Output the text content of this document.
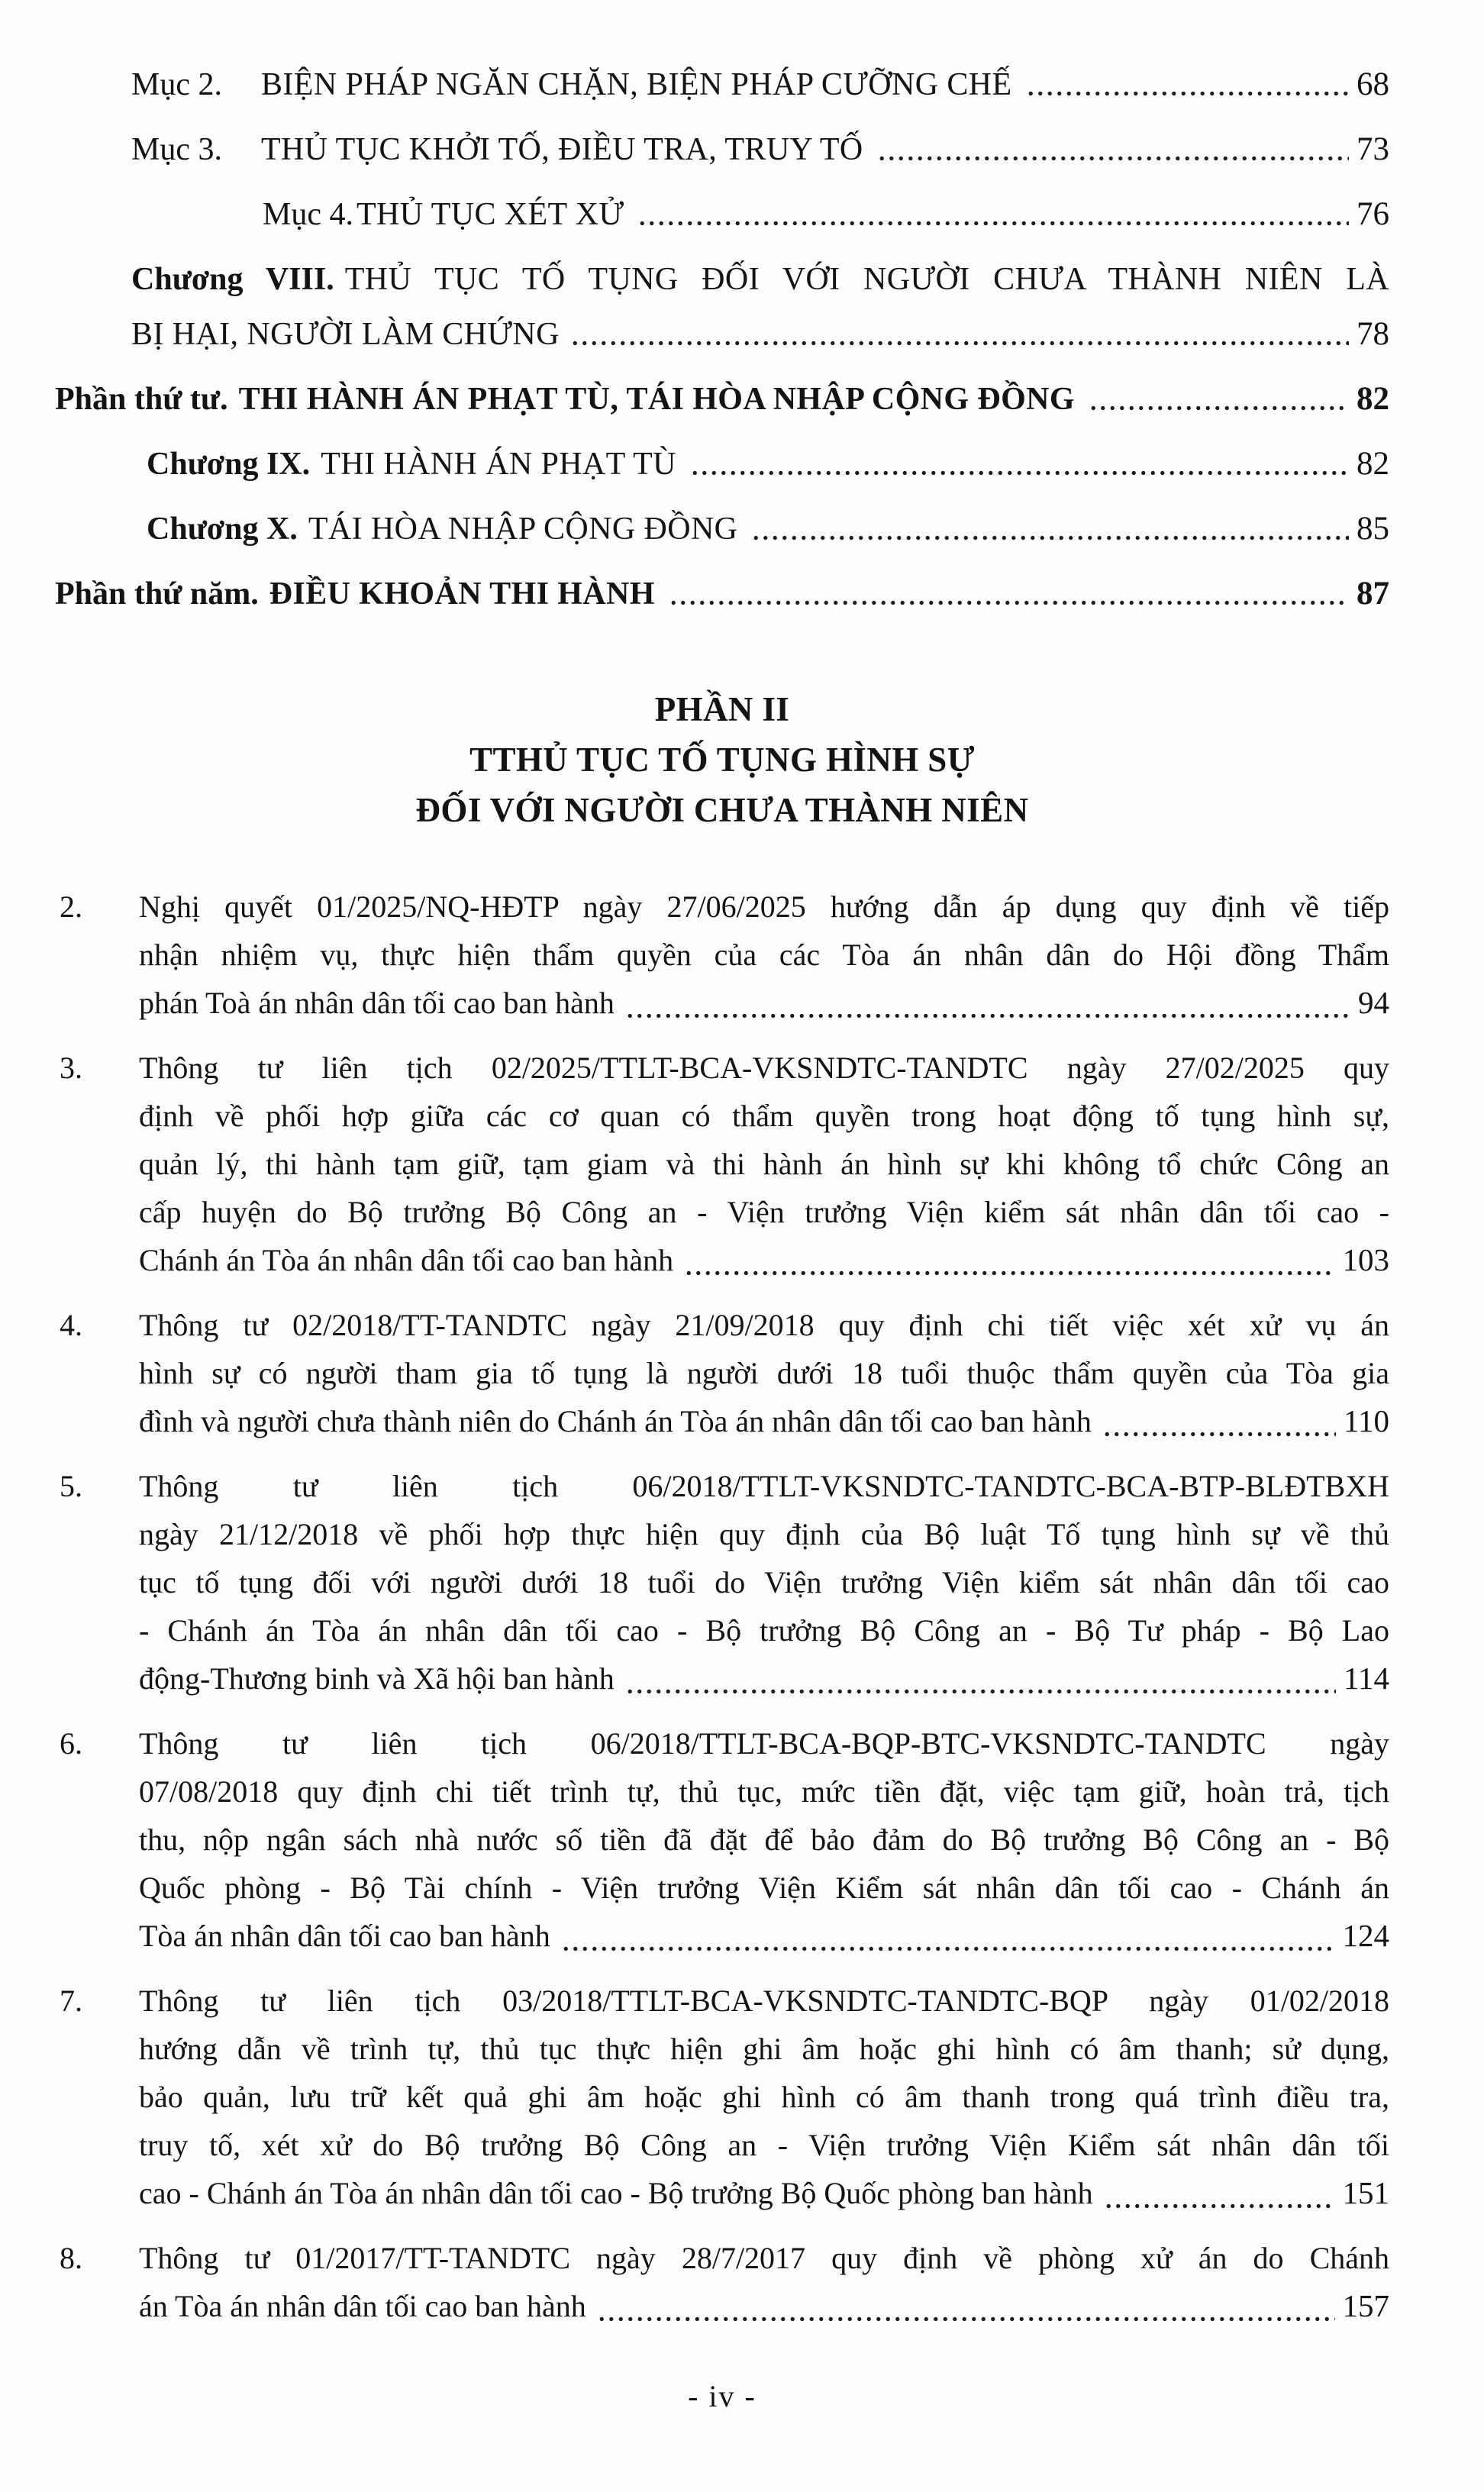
Mục 2.	BIỆN PHÁP NGĂN CHẶN, BIỆN PHÁP CƯỠNG CHẾ	68
Mục 3.	THỦ TỤC KHỞI TỐ, ĐIỀU TRA, TRUY TỐ	73
Mục 4. THỦ TỤC XÉT XỬ	76
Chương VIII. THỦ TỤC TỐ TỤNG ĐỐI VỚI NGƯỜI CHƯA THÀNH NIÊN LÀ
BỊ HẠI, NGƯỜI LÀM CHỨNG	78
Phần thứ tư. THI HÀNH ÁN PHẠT TÙ, TÁI HÒA NHẬP CỘNG ĐỒNG	82
Chương IX. THI HÀNH ÁN PHẠT TÙ	82
Chương X. TÁI HÒA NHẬP CỘNG ĐỒNG	85
Phần thứ năm. ĐIỀU KHOẢN THI HÀNH	87
PHẦN II
TTHỦ TỤC TỐ TỤNG HÌNH SỰ
ĐỐI VỚI NGƯỜI CHƯA THÀNH NIÊN
2.	Nghị quyết 01/2025/NQ-HĐTP ngày 27/06/2025 hướng dẫn áp dụng quy định về tiếp
nhận nhiệm vụ, thực hiện thẩm quyền của các Tòa án nhân dân do Hội đồng Thẩm
phán Toà án nhân dân tối cao ban hành	94
3.	Thông tư liên tịch 02/2025/TTLT-BCA-VKSNDTC-TANDTC ngày 27/02/2025 quy
định về phối hợp giữa các cơ quan có thẩm quyền trong hoạt động tố tụng hình sự,
quản lý, thi hành tạm giữ, tạm giam và thi hành án hình sự khi không tổ chức Công an
cấp huyện do Bộ trưởng Bộ Công an - Viện trưởng Viện kiểm sát nhân dân tối cao -
Chánh án Tòa án nhân dân tối cao ban hành	103
4.	Thông tư 02/2018/TT-TANDTC ngày 21/09/2018 quy định chi tiết việc xét xử vụ án
hình sự có người tham gia tố tụng là người dưới 18 tuổi thuộc thẩm quyền của Tòa gia
đình và người chưa thành niên do Chánh án Tòa án nhân dân tối cao ban hành	110
5.	Thông tư liên tịch 06/2018/TTLT-VKSNDTC-TANDTC-BCA-BTP-BLĐTBXH
ngày 21/12/2018 về phối hợp thực hiện quy định của Bộ luật Tố tụng hình sự về thủ
tục tố tụng đối với người dưới 18 tuổi do Viện trưởng Viện kiểm sát nhân dân tối cao
- Chánh án Tòa án nhân dân tối cao - Bộ trưởng Bộ Công an - Bộ Tư pháp - Bộ Lao
động-Thương binh và Xã hội ban hành	114
6.	Thông tư liên tịch 06/2018/TTLT-BCA-BQP-BTC-VKSNDTC-TANDTC ngày
07/08/2018 quy định chi tiết trình tự, thủ tục, mức tiền đặt, việc tạm giữ, hoàn trả, tịch
thu, nộp ngân sách nhà nước số tiền đã đặt để bảo đảm do Bộ trưởng Bộ Công an - Bộ
Quốc phòng - Bộ Tài chính - Viện trưởng Viện Kiểm sát nhân dân tối cao - Chánh án
Tòa án nhân dân tối cao ban hành	124
7.	Thông tư liên tịch 03/2018/TTLT-BCA-VKSNDTC-TANDTC-BQP ngày 01/02/2018
hướng dẫn về trình tự, thủ tục thực hiện ghi âm hoặc ghi hình có âm thanh; sử dụng,
bảo quản, lưu trữ kết quả ghi âm hoặc ghi hình có âm thanh trong quá trình điều tra,
truy tố, xét xử do Bộ trưởng Bộ Công an - Viện trưởng Viện Kiểm sát nhân dân tối
cao - Chánh án Tòa án nhân dân tối cao - Bộ trưởng Bộ Quốc phòng ban hành	151
8.	Thông tư 01/2017/TT-TANDTC ngày 28/7/2017 quy định về phòng xử án do Chánh
án Tòa án nhân dân tối cao ban hành	157
- iv -
